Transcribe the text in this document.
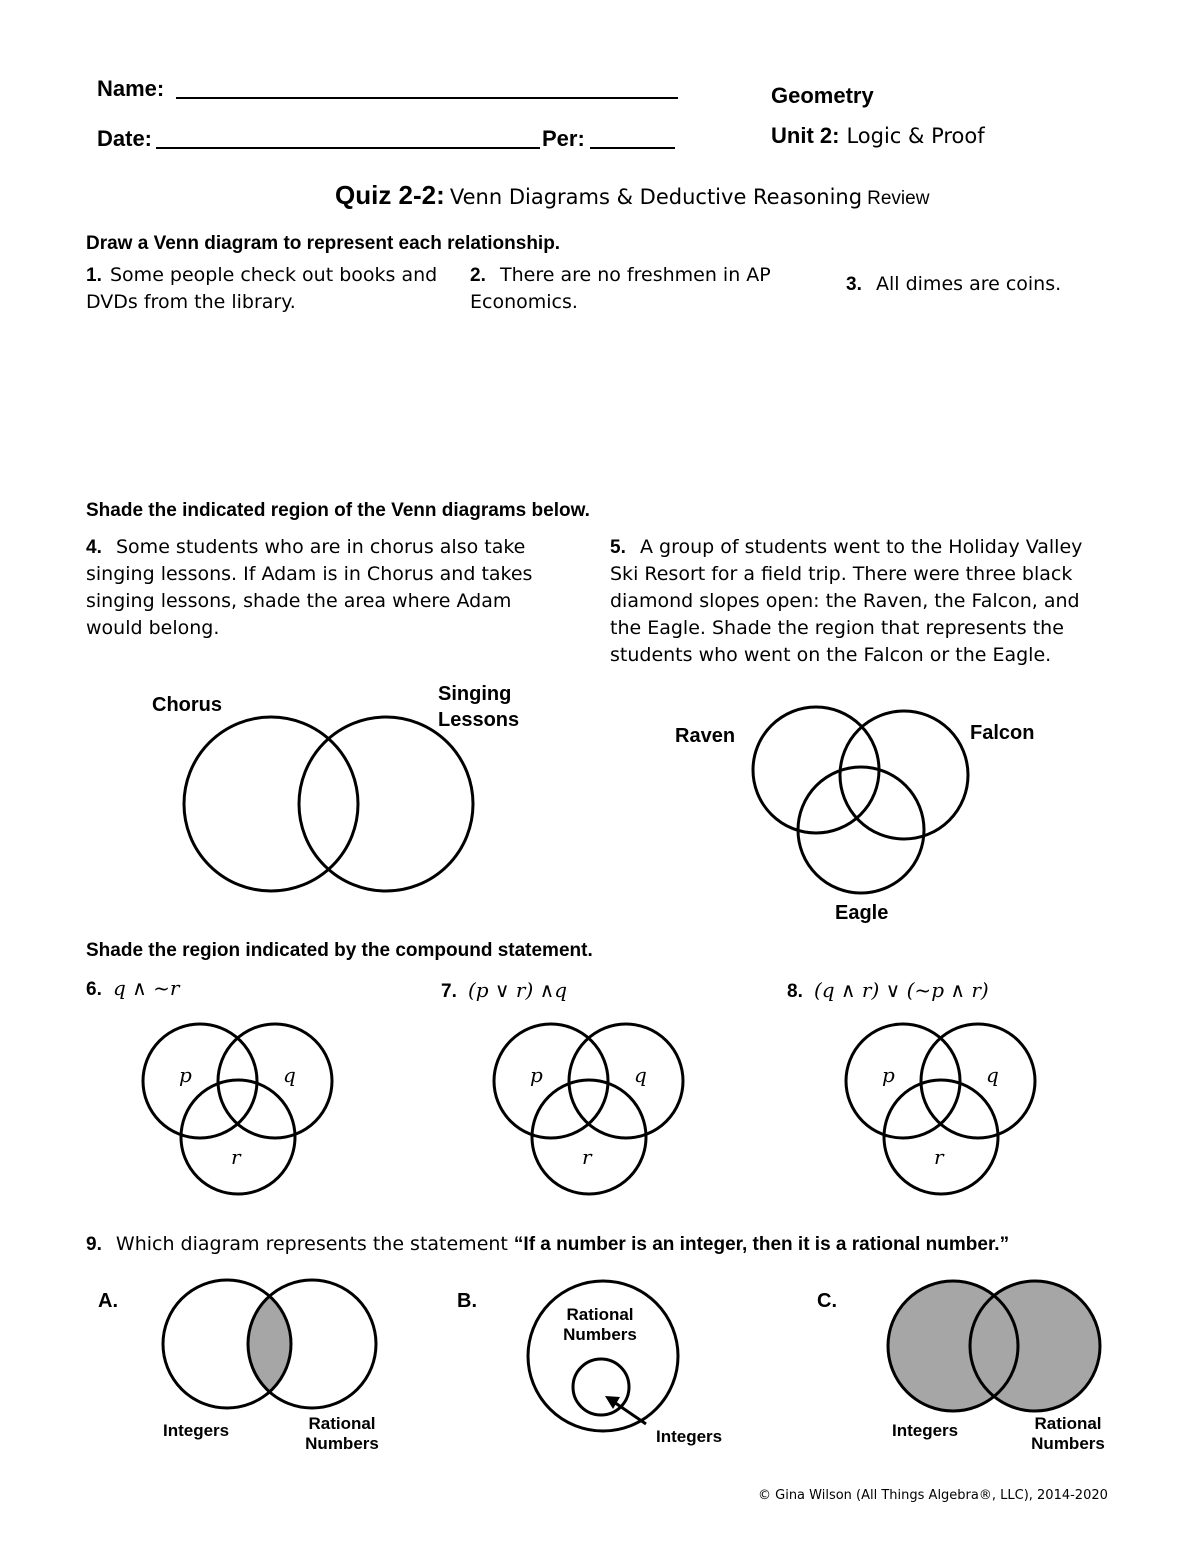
Name:
Date:	Per:
Geometry
Unit 2: Logic & Proof
Quiz 2-2: Venn Diagrams & Deductive Reasoning Review
Draw a Venn diagram to represent each relationship.
1. Some people check out books and DVDs from the library.
2. There are no freshmen in AP Economics.
3. All dimes are coins.
Shade the indicated region of the Venn diagrams below.
4. Some students who are in chorus also take singing lessons. If Adam is in Chorus and takes singing lessons, shade the area where Adam would belong.
5. A group of students went to the Holiday Valley Ski Resort for a field trip. There were three black diamond slopes open: the Raven, the Falcon, and the Eagle. Shade the region that represents the students who went on the Falcon or the Eagle.
Chorus	Singing
Lessons
Raven	Falcon
Eagle
Shade the region indicated by the compound statement.
6. q ∧ ~r	7. (p ∨ r) ∧q	8. (q ∧ r) ∨ (~p ∧ r)
p	q
r
p	q
r
p	q
r
9. Which diagram represents the statement “If a number is an integer, then it is a rational number.”
A.	B.	C.
Integers	Rational
Numbers
Rational
Numbers
Integers	Integers	Rational
Numbers
© Gina Wilson (All Things Algebra®, LLC), 2014-2020
